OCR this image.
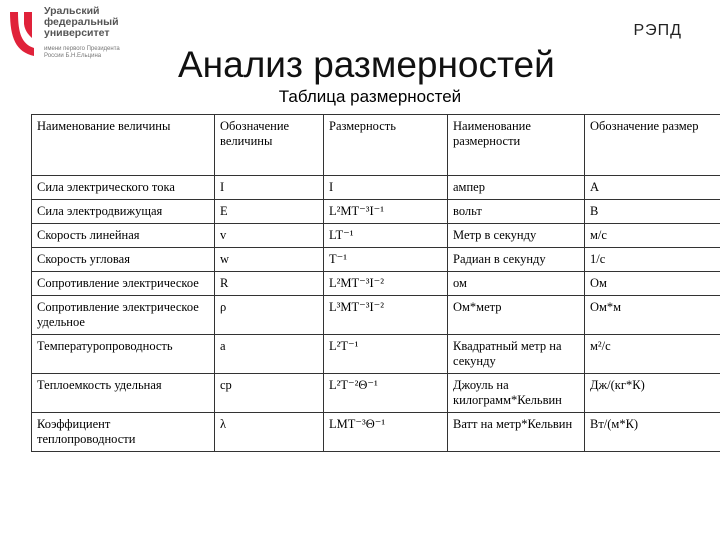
Уральский
федеральный
университет
имени первого Президента
России Б.Н.Ельцина
РЭПД
Анализ размерностей
Таблица размерностей
Наименование величины	Обозначение величины	Размерность	Наименование размерности	Обозначение размер
Сила электрического тока	I	I	ампер	А
Сила электродвижущая	E	L²MT⁻³I⁻¹	вольт	В
Скорость линейная	v	LT⁻¹	Метр в секунду	м/с
Скорость угловая	w	T⁻¹	Радиан в секунду	1/с
Сопротивление электрическое	R	L²MT⁻³I⁻²	ом	Ом
Сопротивление электрическое удельное	ρ	L³MT⁻³I⁻²	Ом*метр	Ом*м
Температуропроводность	a	L²T⁻¹	Квадратный метр на секунду	м²/с
Теплоемкость удельная	cp	L²T⁻²Θ⁻¹	Джоуль на килограмм*Кельвин	Дж/(кг*К)
Коэффициент теплопроводности	λ	LMT⁻³Θ⁻¹	Ватт на метр*Кельвин	Вт/(м*К)
